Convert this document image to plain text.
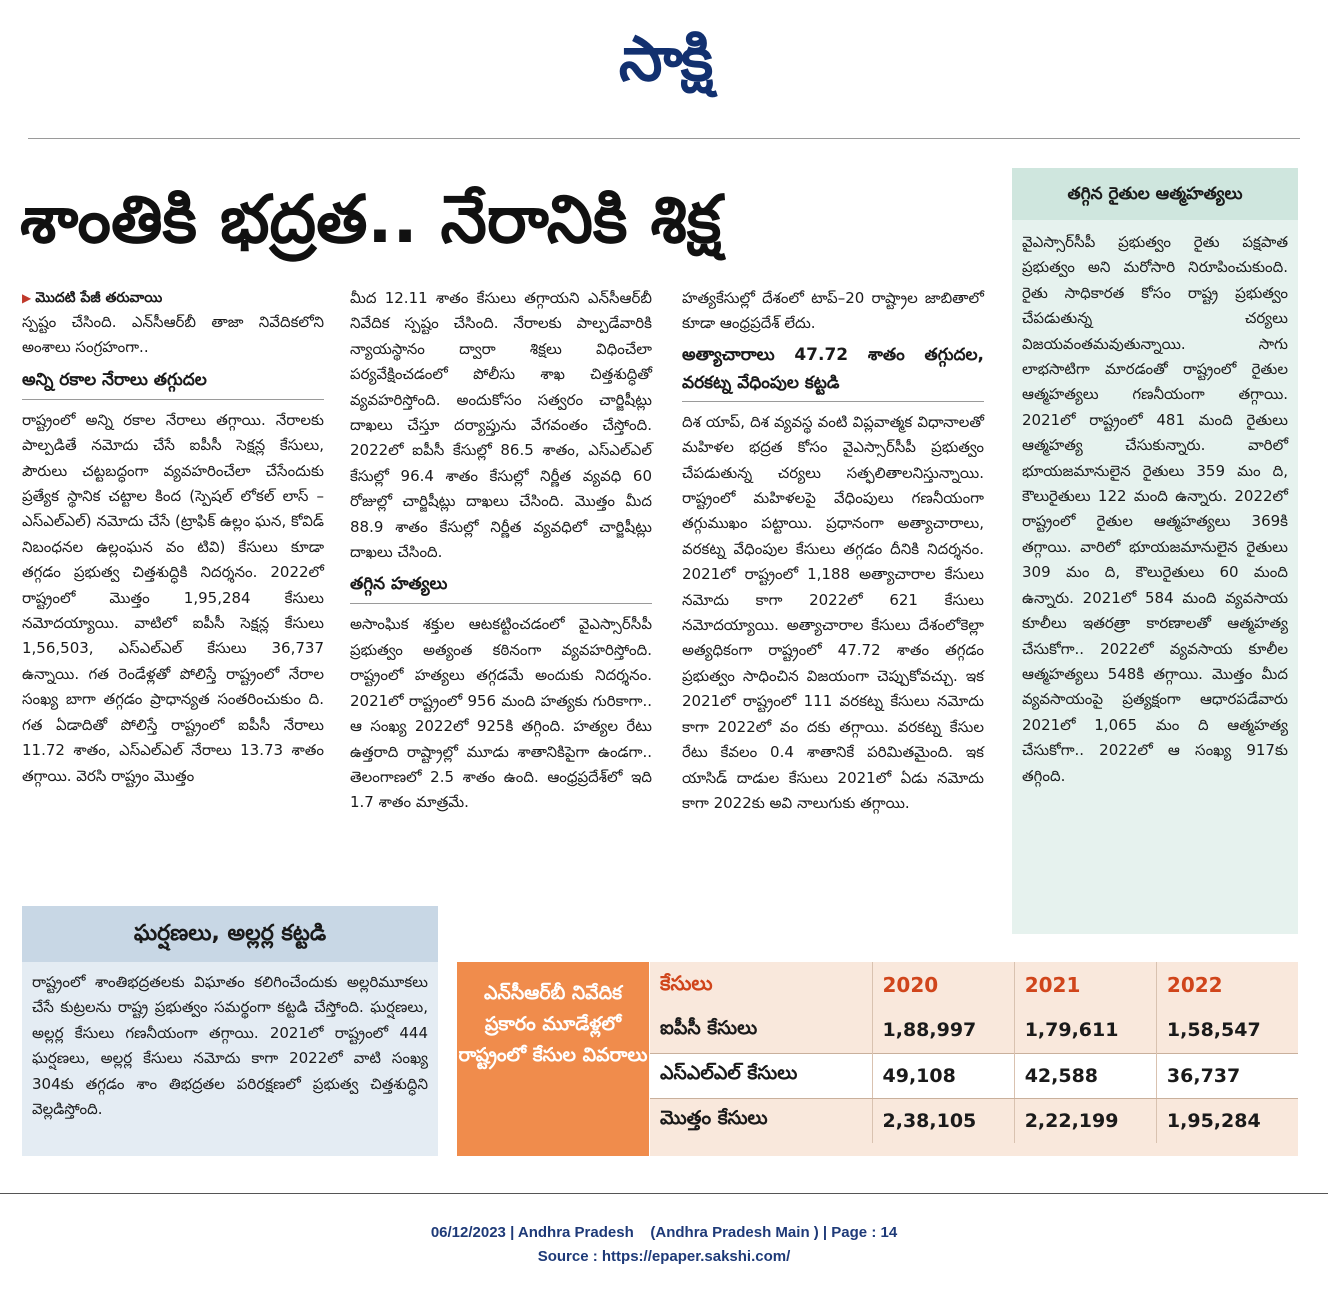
సాక్షి
శాంతికి భద్రత.. నేరానికి శిక్ష
▶ మొదటి పేజీ తరువాయి

స్పష్టం చేసింది. ఎన్‌సీఆర్‌బీ తాజా నివేదికలోని అంశాలు సంగ్రహంగా..

అన్ని రకాల నేరాలు తగ్గుదల

రాష్ట్రంలో అన్ని రకాల నేరాలు తగ్గాయి. నేరాలకు పాల్పడితే నమోదు చేసే ఐపీసీ సెక్షన్ల కేసులు, పౌరులు చట్టబద్ధంగా వ్యవహరించేలా చేసేందుకు ప్రత్యేక స్థానిక చట్టాల కింద (స్పెషల్ లోకల్ లాస్ – ఎస్‌ఎల్‌ఎల్) నమోదు చేసే (ట్రాఫిక్ ఉల్లం ఘన, కోవిడ్ నిబంధనల ఉల్లంఘన వం టివి) కేసులు కూడా తగ్గడం ప్రభుత్వ చిత్తశుద్ధికి నిదర్శనం. 2022లో రాష్ట్రంలో మొత్తం 1,95,284 కేసులు నమోదయ్యాయి. వాటిలో ఐపీసీ సెక్షన్ల కేసులు 1,56,503, ఎస్‌ఎల్‌ఎల్ కేసులు 36,737 ఉన్నాయి. గత రెండేళ్లతో పోలిస్తే రాష్ట్రంలో నేరాల సంఖ్య బాగా తగ్గడం ప్రాధాన్యత సంతరించుకుం ది. గత ఏడాదితో పోలిస్తే రాష్ట్రంలో ఐపీసీ నేరాలు 11.72 శాతం, ఎస్‌ఎల్‌ఎల్ నేరాలు 13.73 శాతం తగ్గాయి. వెరసి రాష్ట్రం మొత్తం

మీద 12.11 శాతం కేసులు తగ్గాయని ఎన్‌సీఆర్‌బీ నివేదిక స్పష్టం చేసింది. నేరాలకు పాల్పడేవారికి న్యాయస్థానం ద్వారా శిక్షలు విధించేలా పర్యవేక్షించడంలో పోలీసు శాఖ చిత్తశుద్ధితో వ్యవహరిస్తోంది. అందుకోసం సత్వరం చార్జిషీట్లు దాఖలు చేస్తూ దర్యాప్తును వేగవంతం చేస్తోంది. 2022లో ఐపీసీ కేసుల్లో 86.5 శాతం, ఎస్‌ఎల్‌ఎల్ కేసుల్లో 96.4 శాతం కేసుల్లో నిర్ణీత వ్యవధి 60 రోజుల్లో చార్జిషీట్లు దాఖలు చేసింది. మొత్తం మీద 88.9 శాతం కేసుల్లో నిర్ణీత వ్యవధిలో చార్జిషీట్లు దాఖలు చేసింది.

తగ్గిన హత్యలు

అసాంఘిక శక్తుల ఆటకట్టించడంలో వైఎస్సార్‌సీపీ ప్రభుత్వం అత్యంత కఠినంగా వ్యవహరిస్తోంది. రాష్ట్రంలో హత్యలు తగ్గడమే అందుకు నిదర్శనం. 2021లో రాష్ట్రంలో 956 మంది హత్యకు గురికాగా.. ఆ సంఖ్య 2022లో 925కి తగ్గింది. హత్యల రేటు ఉత్తరాది రాష్ట్రాల్లో మూడు శాతానికిపైగా ఉండగా.. తెలంగాణలో 2.5 శాతం ఉంది. ఆంధ్రప్రదేశ్‌లో ఇది 1.7 శాతం మాత్రమే.

హత్యకేసుల్లో దేశంలో టాప్–20 రాష్ట్రాల జాబితాలో కూడా ఆంధ్రప్రదేశ్ లేదు.

అత్యాచారాలు 47.72 శాతం తగ్గుదల, వరకట్న వేధింపుల కట్టడి

దిశ యాప్, దిశ వ్యవస్థ వంటి విప్లవాత్మక విధానాలతో మహిళల భద్రత కోసం వైఎస్సార్‌సీపీ ప్రభుత్వం చేపడుతున్న చర్యలు సత్ఫలితాలనిస్తున్నాయి. రాష్ట్రంలో మహిళలపై వేధింపులు గణనీయంగా తగ్గుముఖం పట్టాయి. ప్రధానంగా అత్యాచారాలు, వరకట్న వేధింపుల కేసులు తగ్గడం దీనికి నిదర్శనం. 2021లో రాష్ట్రంలో 1,188 అత్యాచారాల కేసులు నమోదు కాగా 2022లో 621 కేసులు నమోదయ్యాయి. అత్యాచారాల కేసులు దేశంలోకెల్లా అత్యధికంగా రాష్ట్రంలో 47.72 శాతం తగ్గడం ప్రభుత్వం సాధించిన విజయంగా చెప్పుకోవచ్చు. ఇక 2021లో రాష్ట్రంలో 111 వరకట్న కేసులు నమోదు కాగా 2022లో వం దకు తగ్గాయి. వరకట్న కేసుల రేటు కేవలం 0.4 శాతానికే పరిమితమైంది. ఇక యాసిడ్ దాడుల కేసులు 2021లో ఏడు నమోదు కాగా 2022కు అవి నాలుగుకు తగ్గాయి.

తగ్గిన రైతుల ఆత్మహత్యలు
వైఎస్సార్‌సీపీ ప్రభుత్వం రైతు పక్షపాత ప్రభుత్వం అని మరోసారి నిరూపించుకుంది. రైతు సాధికారత కోసం రాష్ట్ర ప్రభుత్వం చేపడుతున్న చర్యలు విజయవంతమవుతున్నాయి. సాగు లాభసాటిగా మారడంతో రాష్ట్రంలో రైతుల ఆత్మహత్యలు గణనీయంగా తగ్గాయి. 2021లో రాష్ట్రంలో 481 మంది రైతులు ఆత్మహత్య చేసుకున్నారు. వారిలో భూయజమానులైన రైతులు 359 మం ది, కౌలురైతులు 122 మంది ఉన్నారు. 2022లో రాష్ట్రంలో రైతుల ఆత్మహత్యలు 369కి తగ్గాయి. వారిలో భూయజమానులైన రైతులు 309 మం ది, కౌలురైతులు 60 మంది ఉన్నారు. 2021లో 584 మంది వ్యవసాయ కూలీలు ఇతరత్రా కారణాలతో ఆత్మహత్య చేసుకోగా.. 2022లో వ్యవసాయ కూలీల ఆత్మహత్యలు 548కి తగ్గాయి. మొత్తం మీద వ్యవసాయంపై ప్రత్యక్షంగా ఆధారపడేవారు 2021లో 1,065 మం ది ఆత్మహత్య చేసుకోగా.. 2022లో ఆ సంఖ్య 917కు తగ్గింది.
ఘర్షణలు, అల్లర్ల కట్టడి
రాష్ట్రంలో శాంతిభద్రతలకు విఘాతం కలిగించేందుకు అల్లరిమూకలు చేసే కుట్రలను రాష్ట్ర ప్రభుత్వం సమర్థంగా కట్టడి చేస్తోంది. ఘర్షణలు, అల్లర్ల కేసులు గణనీయంగా తగ్గాయి. 2021లో రాష్ట్రంలో 444 ఘర్షణలు, అల్లర్ల కేసులు నమోదు కాగా 2022లో వాటి సంఖ్య 304కు తగ్గడం శాం తిభద్రతల పరిరక్షణలో ప్రభుత్వ చిత్తశుద్ధిని వెల్లడిస్తోంది.
ఎన్‌సీఆర్‌బీ నివేదిక ప్రకారం మూడేళ్లలో రాష్ట్రంలో కేసుల వివరాలు
కేసులు	2020	2021	2022
ఐపీసీ కేసులు	1,88,997	1,79,611	1,58,547
ఎస్‌ఎల్‌ఎల్ కేసులు	49,108	42,588	36,737
మొత్తం కేసులు	2,38,105	2,22,199	1,95,284
06/12/2023 | Andhra Pradesh    (Andhra Pradesh Main ) | Page : 14
Source : https://epaper.sakshi.com/
